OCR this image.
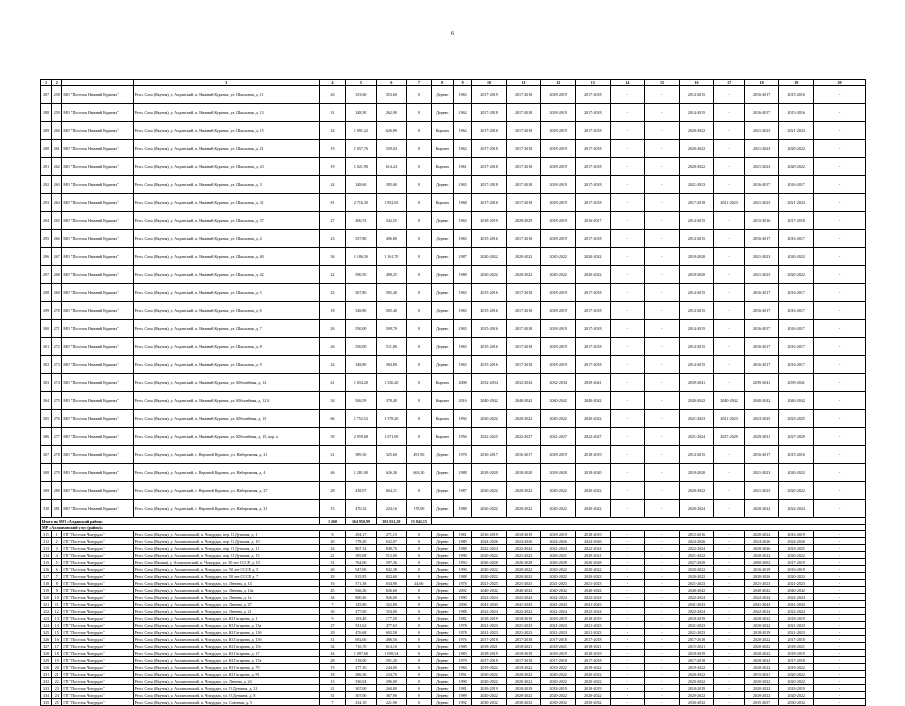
6
1	2		3	4	5	6	7	8	9	10	11	12	13	14	15	16	17	18	19	20
287	258	МО "Поселок Нижний Куранах"	Респ. Саха (Якутия), у. Алданский, п. Нижний Куранах, ул. Школьная, д. 11	26	353,60	353,60	0	Дерево	1963	2017-2019	2017-2018	2018-2019	2017-2018	-	-	2014-2015	-	2016-2017	2015-2016	-
288	259	МО "Поселок Нижний Куранах"	Респ. Саха (Якутия), у. Алданский, п. Нижний Куранах, ул. Школьная, д. 13	31	348,30	262,90	0	Дерево	1962	2017-2018	2017-2018	2018-2019	2017-2018	-	-	2014-2015	-	2016-2017	2015-2016	-
289	260	МО "Поселок Нижний Куранах"	Респ. Саха (Якутия), у. Алданский, п. Нижний Куранах, ул. Школьная, д. 15	24	1 091,22	626,89	0	Кирпич	1962	2017-2018	2017-2018	2018-2019	2017-2018	-	-	2020-2022	-	2021-2023	2021-2023	-
290	261	МО "Поселок Нижний Куранах"	Респ. Саха (Якутия), у. Алданский, п. Нижний Куранах, ул. Школьная, д. 21	19	1 057,76	529,04	0	Кирпич	1962	2017-2018	2017-2018	2018-2019	2017-2018	-	-	2020-2022	-	2021-2023	2020-2022	-
291	262	МО "Поселок Нижний Куранах"	Респ. Саха (Якутия), у. Алданский, п. Нижний Куранах, ул. Школьная, д. 23	19	1 021,90	614,24	0	Кирпич	1961	2017-2018	2017-2018	2018-2019	2017-2018	-	-	2020-2022	-	2021-2023	2020-2022	-
292	263	МО "Поселок Нижний Куранах"	Респ. Саха (Якутия), у. Алданский, п. Нижний Куранах, ул. Школьная, д. 3	24	348,60	395,60	0	Дерево	1965	2017-2018	2017-2018	2018-2019	2017-2018	-	-	2021-2023	-	2016-2017	2016-2017	-
293	264	МО "Поселок Нижний Куранах"	Респ. Саха (Якутия), у. Алданский, п. Нижний Куранах, ул. Школьная, д. 31	81	2 716,30	1 852,65	0	Кирпич	1968	2017-2018	2017-2018	2018-2019	2017-2018	-	-	2017-2018	2021-2023	2021-2023	2021-2023	-
294	265	МО "Поселок Нижний Куранах"	Респ. Саха (Якутия), у. Алданский, п. Нижний Куранах, ул. Школьная, д. 37	27	406,53	342,55	0	Дерево	1963	2018-2019	2028-2029	2018-2019	2016-2017	-	-	2014-2015	-	2015-2016	2017-2018	-
295	266	МО "Поселок Нижний Куранах"	Респ. Саха (Якутия), у. Алданский, п. Нижний Куранах, ул. Школьная, д. 4	23	557,80	406,80	0	Дерево	1965	2015-2016	2017-2018	2018-2019	2017-2018	-	-	2014-2015	-	2016-2017	2016-2017	-
296	267	МО "Поселок Нижний Куранах"	Респ. Саха (Якутия), у. Алданский, п. Нижний Куранах, ул. Школьная, д. 40	36	1 186,50	1 161,70	0	Дерево	1987	2020-2022	2020-2022	2020-2022	2020-2022	-	-	2018-2020	-	2021-2023	2020-2022	-
297	268	МО "Поселок Нижний Куранах"	Респ. Саха (Якутия), у. Алданский, п. Нижний Куранах, ул. Школьная, д. 42	22	590,50	498,25	0	Дерево	1988	2020-2022	2020-2022	2020-2022	2020-2022	-	-	2018-2020	-	2021-2023	2020-2022	-
298	269	МО "Поселок Нижний Куранах"	Респ. Саха (Якутия), у. Алданский, п. Нижний Куранах, ул. Школьная, д. 5	23	567,80	505,40	0	Дерево	1965	2015-2016	2017-2018	2018-2019	2017-2018	-	-	2014-2015	-	2016-2017	2016-2017	-
299	270	МО "Поселок Нижний Куранах"	Респ. Саха (Якутия), у. Алданский, п. Нижний Куранах, ул. Школьная, д. 6	18	548,80	505,40	0	Дерево	1965	2015-2016	2017-2018	2018-2019	2017-2018	-	-	2014-2015	-	2016-2017	2016-2017	-
300	271	МО "Поселок Нижний Куранах"	Респ. Саха (Якутия), у. Алданский, п. Нижний Куранах, ул. Школьная, д. 7	26	550,00	509,70	0	Дерево	1965	2015-2016	2017-2018	2018-2019	2017-2018	-	-	2014-2015	-	2016-2017	2016-2017	-
301	272	МО "Поселок Нижний Куранах"	Респ. Саха (Якутия), у. Алданский, п. Нижний Куранах, ул. Школьная, д. 8	26	550,00	511,80	0	Дерево	1965	2015-2016	2017-2018	2018-2019	2017-2018	-	-	2014-2015	-	2016-2017	2016-2017	-
302	273	МО "Поселок Нижний Куранах"	Респ. Саха (Якутия), у. Алданский, п. Нижний Куранах, ул. Школьная, д. 9	24	348,80	384,80	0	Дерево	1965	2015-2016	2017-2018	2018-2019	2017-2018	-	-	2014-2015	-	2016-2017	2016-2017	-
303	274	МО "Поселок Нижний Куранах"	Респ. Саха (Якутия), у. Алданский, п. Нижний Куранах, ул. Юбилейная, д. 12	41	1 654,20	1 336,20	0	Кирпич	2008	2032-2034	2032-2034	2032-2034	2039-2041	-	-	2039-2041	-	2039-2041	2039-2041	-
304	275	МО "Поселок Нижний Куранах"	Респ. Саха (Якутия), у. Алданский, п. Нижний Куранах, ул. Юбилейная, д. 12 Б	34	926,59	378,40	0	Кирпич	2016	2040-2042	2040-2042	2040-2042	2040-2042	-	-	2040-2042	2040-2042	2040-2042	2040-2042	-
305	276	МО "Поселок Нижний Куранах"	Респ. Саха (Якутия), у. Алданский, п. Нижний Куранах, ул. Юбилейная, д. 15	66	1 752,52	1 578,20	0	Кирпич	1992	2020-2022	2020-2022	2020-2022	2020-2022	-	-	2021-2023	2021-2023	2023-2025	2023-2025	-
306	277	МО "Поселок Нижний Куранах"	Респ. Саха (Якутия), у. Алданский, п. Нижний Куранах, ул. Юбилейная, д. 15, кор. а	39	2 059,68	1 671,09	0	Кирпич	1956	2022-2025	2022-2027	2022-2027	2022-2027	-	-	2021-2024	2027-2029	2029-2031	2027-2029	-
307	278	МО "Поселок Нижний Куранах"	Респ. Саха (Якутия), у. Алданский, с. Верхний Куранах, ул. Набережная, д. 21	21	589,30	325,60	491,90	Дерево	1978	2016-2017	2016-2017	2018-2019	2018-2019	-	-	2014-2015	-	2016-2017	2015-2016	-
308	279	МО "Поселок Нижний Куранах"	Респ. Саха (Якутия), у. Алданский, с. Верхний Куранах, ул. Набережная, д. 4	46	1 281,00	626,30	663,30	Дерево	1988	2018-2020	2018-2020	2018-2020	2018-2020	-	-	2018-2020	-	2021-2023	2020-2022	-
309	280	МО "Поселок Нижний Куранах"	Респ. Саха (Якутия), у. Алданский, с. Верхний Куранах, ул. Набережная, д. 27	28	438,97	664,11	0	Дерево	1987	2020-2022	2020-2022	2020-2022	2020-2022	-	-	2020-2022	-	2021-2023	2020-2022	-
310	281	МО "Поселок Нижний Куранах"	Респ. Саха (Якутия), у. Алданский, с. Верхний Куранах, ул. Набережная, д. 31	15	470,32	224,16	178,90	Дерево	1988	2020-2022	2020-2022	2020-2022	2020-2022	-	-	2020-2024	-	2020-2022	2022-2024	-
Итого по МО «Алданский район»				1 260	364 950,99	301 021,20	15 842,15													
МР «Аллаиховский улус (район)»																				
311	1	ГП "Поселок Чокурдах"	Респ. Саха (Якутия), у. Аллаиховский, п. Чокурдах, пер. О.Дуткина, д. 1	8	294,17	271,15	0	Дерево	1981	2016-2019	2018-2019	2018-2019	2018-2019	-	-	2015-2016	-	2020-2022	2016-2019	-
312	2	ГП "Поселок Чокурдах"	Респ. Саха (Якутия), у. Аллаиховский, п. Чокурдах, пер. О.Дуткина, д. 10	20	778,20	632,07	0	Дерево	1989	2024-2026	2024-2026	2024-2026	2024-2026	-	-	2024-2026	-	2024-2026	2024-2026	-
313	3	ГП "Поселок Чокурдах"	Респ. Саха (Якутия), у. Аллаиховский, п. Чокурдах, пер. О.Дуткина, д. 11	24	807,14	848,70	0	Дерево	1988	2022-2024	2022-2024	2022-2024	2022-2024	-	-	2022-2024	-	2020-2026	2023-2025	-
314	4	ГП "Поселок Чокурдах"	Респ. Саха (Якутия), у. Аллаиховский, п. Чокурдах, пер. О.Дуткина, д. 15	21	395,08	512,00	0	Дерево	1990	2020-2022	2021-2023	2026-2021	2020-2021	-	-	2021-2022	-	2020-2022	2020-2022	-
315	5	ГП "Поселок Чокурдах"	Респ. Саха (Якutия), у. Аллаиховский, п. Чокурдах, ул. 50 лет СССР, д. 10	31	764,00	597,36	0	Дерево	1993	2026-2028	2026-2028	2026-2028	2026-2028	-	-	2027-2029	-	2000-2002	2017-2019	-
316	6	ГП "Поселок Чокурдах"	Респ. Саха (Якутия), у. Аллаиховский, п. Чокурдах, ул. 50 лет СССР, д. 5	26	947,00	842,38	0	Дерево	1990	2020-2022	2020-2022	2020-2022	2020-2022	-	-	2020-2022	-	2016-2019	2016-2019	-
317	7	ГП "Поселок Чокурдах"	Респ. Саха (Якутия), у. Аллаиховский, п. Чокурдах, ул. 50 лет СССР, д. 7	29	815,85	822,60	0	Дерево	1988	2020-2022	2020-2022	2020-2022	2020-2022	-	-	2020-2022	-	2020-2026	2020-2022	-
318	8	ГП "Поселок Чокурдах"	Респ. Саха (Якутия), у. Аллаиховский, п. Чокурдах, ул. Ленина, д. 14	16	571,38	634,90	24,66	Дерево	1978	2021-2023	2021-2023	2021-2023	2021-2023	-	-	2021-2023	-	2021-2023	2021-2023	-
319	9	ГП "Поселок Чокурдах"	Респ. Саха (Якутия), у. Аллаиховский, п. Чокурдах, ул. Ленина, д. 14а	45	926,36	826,60	0	Дерево	2002	2040-2042	2040-2042	2040-2042	2040-2042	-	-	2040-2042	-	2040-2042	2040-2042	-
320	10	ГП "Поселок Чокурдах"	Респ. Саха (Якутия), у. Аллаиховский, п. Чокурдах, ул. Ленина, д. 1а	34	800,40	826,60	0	Дерево	1990	2022-2024	2022-2024	2022-2024	2022-2024	-	-	2022-2024	-	2022-2024	2022-2024	-
321	11	ГП "Поселок Чокурдах"	Респ. Саха (Якутия), у. Аллаиховский, п. Чокурдах, ул. Ленина, д. 27	7	325,80	322,80	0	Дерево	2006	2041-2043	2041-2043	2041-2043	2041-2043	-	-	2041-2043	-	2041-2043	2041-2043	-
322	12	ГП "Поселок Чокурдах"	Респ. Саха (Якутия), у. Аллаиховский, п. Чокурдах, ул. Ленина, д. 21	30	277,60	354,00	0	Дерево	1988	2022-2024	2022-2024	2022-2024	2022-2024	-	-	2022-2024	-	2022-2024	2022-2024	-
323	13	ГП "Поселок Чокурдах"	Респ. Саха (Якутия), у. Аллаиховский, п. Чокурдах, ул. Ю.Гагарина, д. 1	9	193,49	177,50	0	Дерево	1982	2018-2019	2018-2019	2018-2019	2018-2019	-	-	2018-2019	-	2020-2022	2018-2019	-
324	14	ГП "Поселок Чокурдах"	Респ. Саха (Якутия), у. Аллаиховский, п. Чокурдах, ул. Ю.Гагарина, д. 13а	27	531,62	477,63	0	Дерево	1978	2021-2023	2021-2023	2021-2023	2021-2023	-	-	2021-2023	-	2020-2022	2021-2023	-
325	15	ГП "Поселок Чокурдах"	Респ. Саха (Якутия), у. Аллаиховский, п. Чокурдах, ул. Ю.Гагарина, д. 13б	29	476,68	602,58	0	Дерево	1978	2021-2023	2021-2023	2021-2023	2021-2023	-	-	2021-2023	-	2018-2019	2021-2023	-
326	16	ГП "Поселок Чокурдах"	Респ. Саха (Якутия), у. Аллаиховский, п. Чокурдах, ул. Ю.Гагарина, д. 15б	31	692,60	486,50	0	Дерево	1976	2017-2018	2017-2018	2017-2018	2017-2018	-	-	2017-2018	-	2020-2022	2017-2018	-
327	17	ГП "Поселок Чокурдах"	Респ. Саха (Якутия), у. Аллаиховский, п. Чокурдах, ул. Ю.Гагарина, д. 15г	32	716,70	614,10	0	Дерево	1980	2018-2021	2018-2021	2018-2021	2018-2021	-	-	2015-2021	-	2020-2022	2018-2021	-
328	18	ГП "Поселок Чокурдах"	Респ. Саха (Якутия), у. Аллаиховский, п. Чокурдах, ул. Ю.Гагарина, д. 17	44	1 097,60	1 058,54	0	Дерево	1983	2018-2019	2018-2019	2018-2019	2018-2019	-	-	2018-2019	-	2020-2022	2018-2019	-
329	19	ГП "Поселок Чокурдах"	Респ. Саха (Якутия), у. Аллаиховский, п. Чокурдах, ул. Ю.Гагарина, д. 17в	28	518,00	501,20	0	Дерево	1979	2017-2018	2017-2018	2017-2018	2017-2018	-	-	2017-2018	-	2020-2022	2017-2018	-
330	20	ГП "Поселок Чокурдах"	Респ. Саха (Якутия), у. Аллаиховский, п. Чокурдах, ул. Ю.Гагарина, д. 79	19	277,10	244,00	0	Дерево	1984	2019-2022	2019-2022	2019-2022	2019-2022	-	-	2019-2022	-	2020-2022	2019-2022	-
331	21	ГП "Поселок Чокурдах"	Респ. Саха (Якутия), у. Аллаиховский, п. Чокурдах, ул. Ю.Гагарина, д. 81	18	286,36	234,70	0	Дерево	1991	2020-2022	2020-2022	2020-2022	2020-2022	-	-	2020-2022	-	2015-2021	2020-2022	-
332	22	ГП "Поселок Чокурдах"	Респ. Саха (Якутия), у. Аллаиховский, п. Чокурдах, ул. Ленина, д. 24	13	330,04	296,00	0	Дерево	1990	2020-2022	2020-2022	2020-2022	2020-2022	-	-	2020-2022	-	2020-2022	2020-2022	-
333	23	ГП "Поселок Чокурдах"	Респ. Саха (Якутия), у. Аллаиховский, п. Чокурдах, ул. О.Дуткина, д. 21	21	307,00	260,80	0	Дерево	1981	2018-2019	2018-2019	2018-2019	2018-2019	-	-	2018-2019	-	2020-2022	2018-2019	-
334	24	ГП "Поселок Чокурдах"	Респ. Саха (Якутия), у. Аллаиховский, п. Чокурдах, ул. О.Дуткина, д. 8	31	307,00	367,90	0	Дерево	1989	2020-2022	2020-2022	2020-2022	2020-2022	-	-	2020-2022	-	2020-2022	2020-2022	-
335	25	ГП "Поселок Чокурдах"	Респ. Саха (Якутия), у. Аллаиховский, п. Чокурдах, ул. Союзная, д. 5	7	234,10	221,90	0	Дерево	1992	2030-2032	2030-2032	2030-2032	2030-2032	-	-	2030-2032	-	2035-2037	2030-2032	-
